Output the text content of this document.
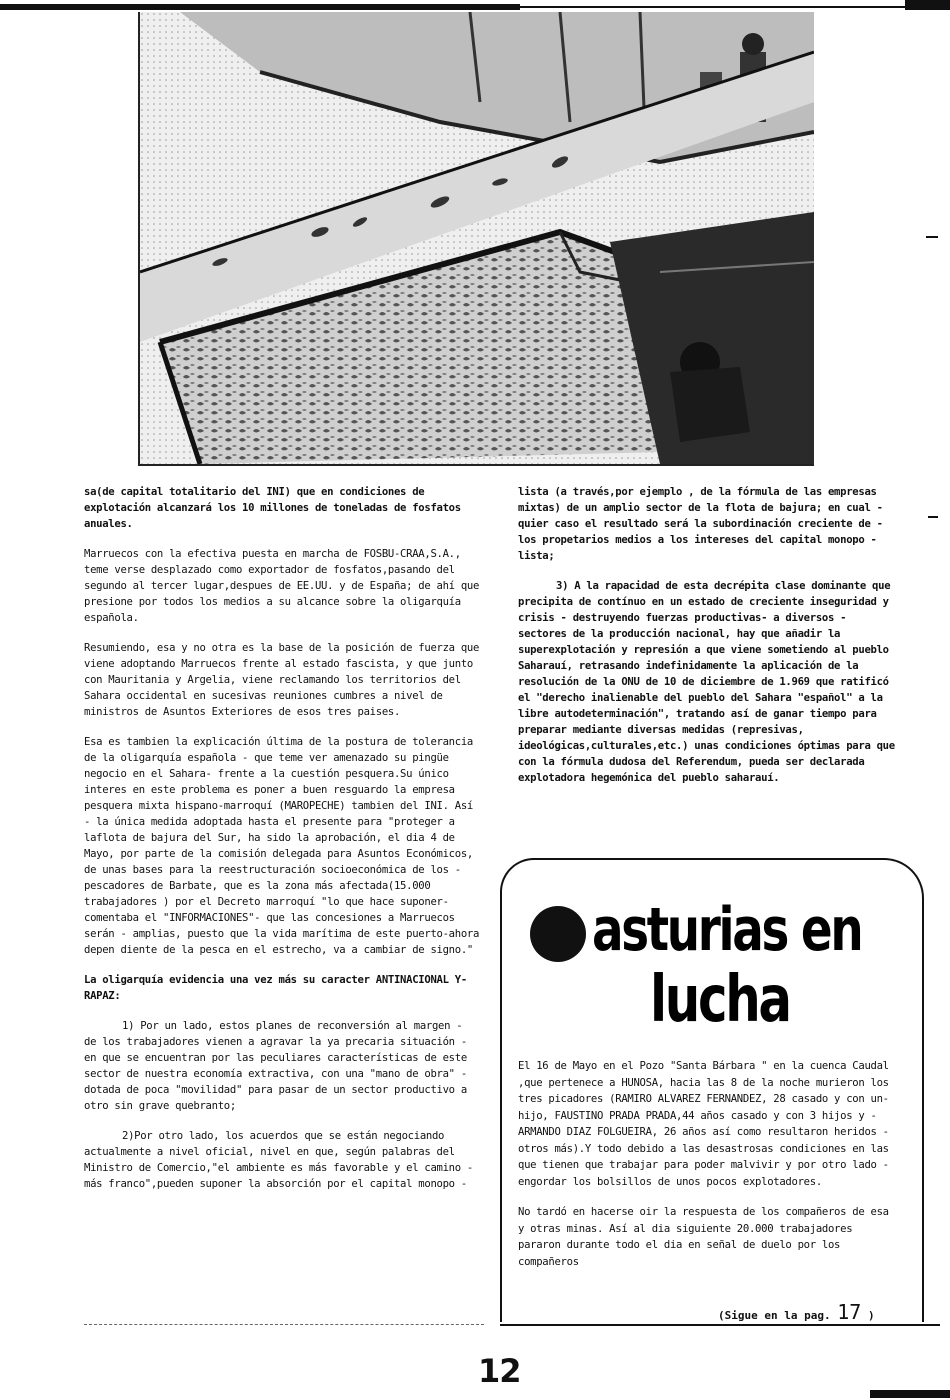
sa(de capital totalitario del INI) que en condiciones de explotación alcanzará los 10 millones de toneladas de fosfatos anuales.

Marruecos con la efectiva puesta en marcha de FOSBU-CRAA,S.A., teme verse desplazado como exportador de fosfatos,pasando del segundo al tercer lugar,despues de EE.UU. y de España; de ahí que presione por todos los medios a su alcance sobre la oligarquía española.

Resumiendo, esa y no otra es la base de la posición de fuerza que viene adoptando Marruecos frente al estado fascista, y que junto con Mauritania y Argelia, viene reclamando los territorios del Sahara occidental en sucesivas reuniones cumbres a nivel de ministros de Asuntos Exteriores de esos tres paises.

Esa es tambien la explicación última de la postura de tolerancia de la oligarquía española - que teme ver amenazado su pingüe negocio en el Sahara- frente a la cuestión pesquera.Su único interes en este problema es poner a buen resguardo la empresa pesquera mixta hispano-marroquí (MAROPECHE) tambien del INI. Así - la única medida adoptada hasta el presente para "proteger a laflota de bajura del Sur, ha sido la aprobación, el dia 4 de Mayo, por parte de la comisión delegada para Asuntos Económicos, de unas bases para la reestructuración socioeconómica de los - pescadores de Barbate, que es la zona más afectada(15.000 trabajadores ) por el Decreto marroquí "lo que hace suponer-comentaba el "INFORMACIONES"- que las concesiones a Marruecos serán - amplias, puesto que la vida marítima de este puerto-ahora depen diente de la pesca en el estrecho, va a cambiar de signo."

La oligarquía evidencia una vez más su caracter ANTINACIONAL Y-RAPAZ:

1) Por un lado, estos planes de reconversión al margen - de los trabajadores vienen a agravar la ya precaria situación - en que se encuentran por las peculiares características de este sector de nuestra economía extractiva, con una "mano de obra" - dotada de poca "movilidad" para pasar de un sector productivo a otro sin grave quebranto;

2)Por otro lado, los acuerdos que se están negociando actualmente a nivel oficial, nivel en que, según palabras del Ministro de Comercio,"el ambiente es más favorable y el camino - más franco",pueden suponer la absorción por el capital monopo -

lista (a través,por ejemplo , de la fórmula de las empresas mixtas) de un amplio sector de la flota de bajura; en cual - quier caso el resultado será la subordinación creciente de - los propetarios medios a los intereses del capital monopo - lista;

3) A la rapacidad de esta decrépita clase dominante que precipita de contínuo en un estado de creciente inseguridad y crisis - destruyendo fuerzas productivas- a diversos - sectores de la producción nacional, hay que añadir la superexplotación y represión a que viene sometiendo al pueblo Saharauí, retrasando indefinidamente la aplicación de la resolución de la ONU de 10 de diciembre de 1.969 que ratificó el "derecho inalienable del pueblo del Sahara "español" a la libre autodeterminación", tratando así de ganar tiempo para preparar mediante diversas medidas (represivas, ideológicas,culturales,etc.) unas condiciones óptimas para que con la fórmula dudosa del Referendum, pueda ser declarada explotadora hegemónica del pueblo saharauí.

asturias en
lucha

El 16 de Mayo en el Pozo "Santa Bárbara " en la cuenca Caudal ,que pertenece a HUNOSA, hacia las 8 de la noche murieron los tres picadores (RAMIRO ALVAREZ FERNANDEZ, 28 casado y con un-hijo, FAUSTINO PRADA PRADA,44 años casado y con 3 hijos y - ARMANDO DIAZ FOLGUEIRA, 26 años así como resultaron heridos - otros más).Y todo debido a las desastrosas condiciones en las que tienen que trabajar para poder malvivir y por otro lado - engordar los bolsillos de unos pocos explotadores.

No tardó en hacerse oir la respuesta de los compañeros de esa y otras minas. Así al dia siguiente 20.000 trabajadores pararon durante todo el dia en señal de duelo por los compañeros

(Sigue en la pag. 17 )
12
